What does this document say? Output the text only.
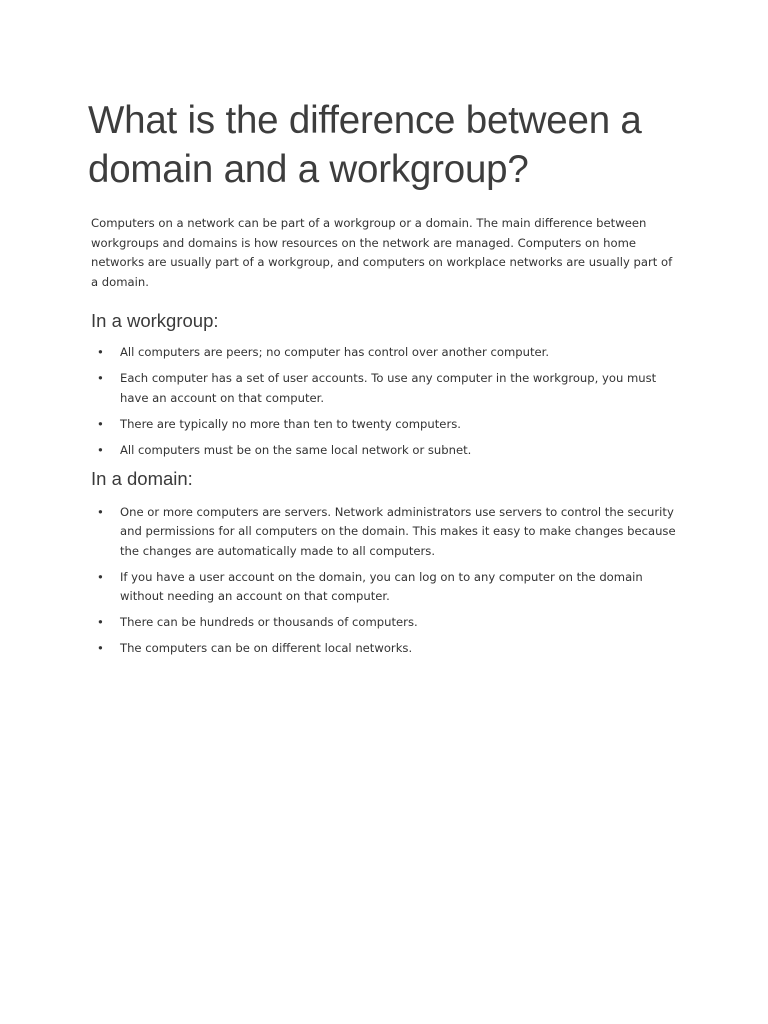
What is the difference between a domain and a workgroup?

Computers on a network can be part of a workgroup or a domain. The main difference between workgroups and domains is how resources on the network are managed. Computers on home networks are usually part of a workgroup, and computers on workplace networks are usually part of a domain.

In a workgroup:
• All computers are peers; no computer has control over another computer.
• Each computer has a set of user accounts. To use any computer in the workgroup, you must have an account on that computer.
• There are typically no more than ten to twenty computers.
• All computers must be on the same local network or subnet.
In a domain:
• One or more computers are servers. Network administrators use servers to control the security and permissions for all computers on the domain. This makes it easy to make changes because the changes are automatically made to all computers.
• If you have a user account on the domain, you can log on to any computer on the domain without needing an account on that computer.
• There can be hundreds or thousands of computers.
• The computers can be on different local networks.
